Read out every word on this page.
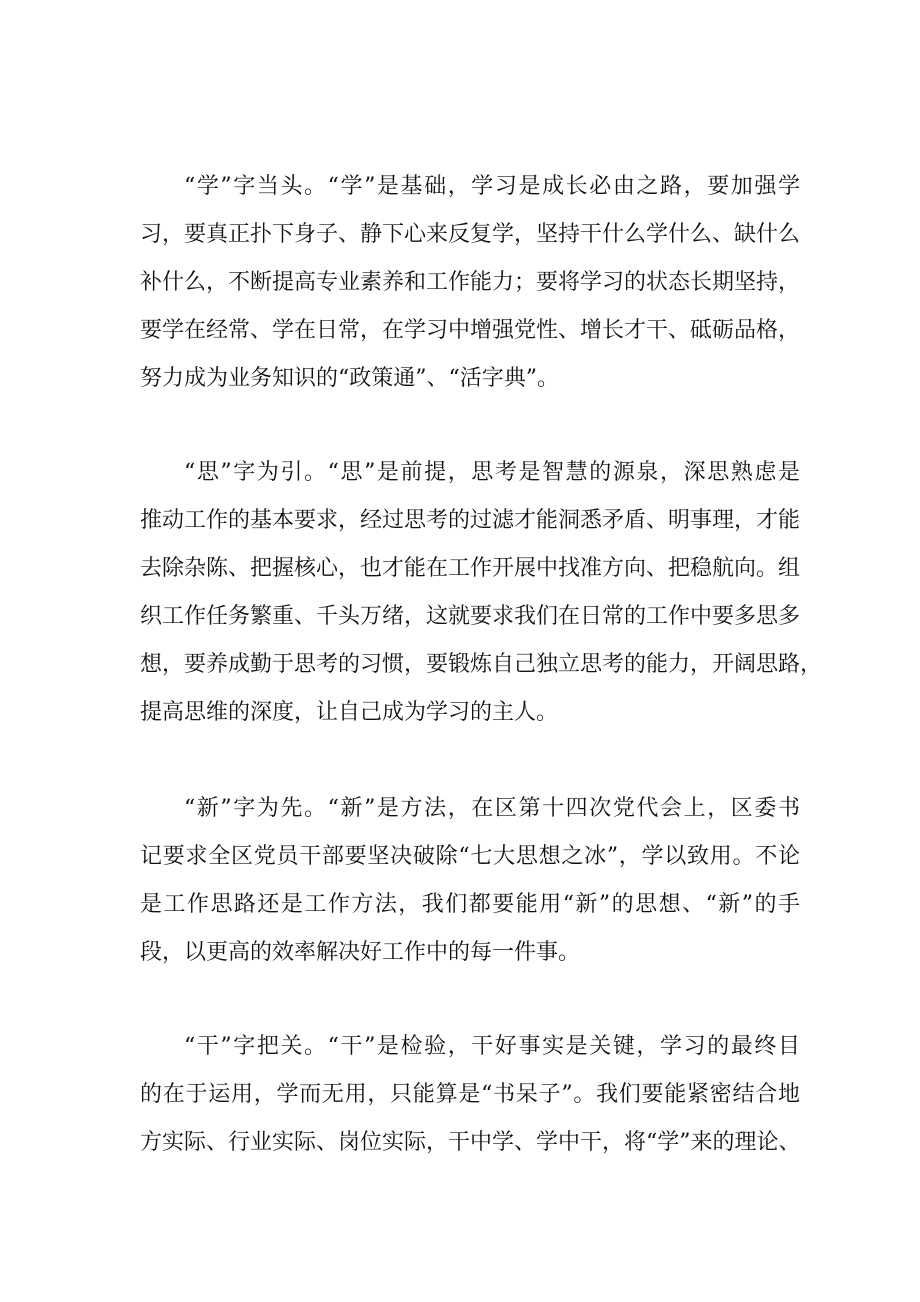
“学”字当头。“学”是基础，学习是成长必由之路，要加强学
习，要真正扑下身子、静下心来反复学，坚持干什么学什么、缺什么
补什么，不断提高专业素养和工作能力；要将学习的状态长期坚持，
要学在经常、学在日常，在学习中增强党性、增长才干、砥砺品格，
努力成为业务知识的“政策通”、“活字典”。
“思”字为引。“思”是前提，思考是智慧的源泉，深思熟虑是
推动工作的基本要求，经过思考的过滤才能洞悉矛盾、明事理，才能
去除杂陈、把握核心，也才能在工作开展中找准方向、把稳航向。组
织工作任务繁重、千头万绪，这就要求我们在日常的工作中要多思多
想，要养成勤于思考的习惯，要锻炼自己独立思考的能力，开阔思路，
提高思维的深度，让自己成为学习的主人。
“新”字为先。“新”是方法，在区第十四次党代会上，区委书
记要求全区党员干部要坚决破除“七大思想之冰”，学以致用。不论
是工作思路还是工作方法，我们都要能用“新”的思想、“新”的手
段，以更高的效率解决好工作中的每一件事。
“干”字把关。“干”是检验，干好事实是关键，学习的最终目
的在于运用，学而无用，只能算是“书呆子”。我们要能紧密结合地
方实际、行业实际、岗位实际，干中学、学中干，将“学”来的理论、
